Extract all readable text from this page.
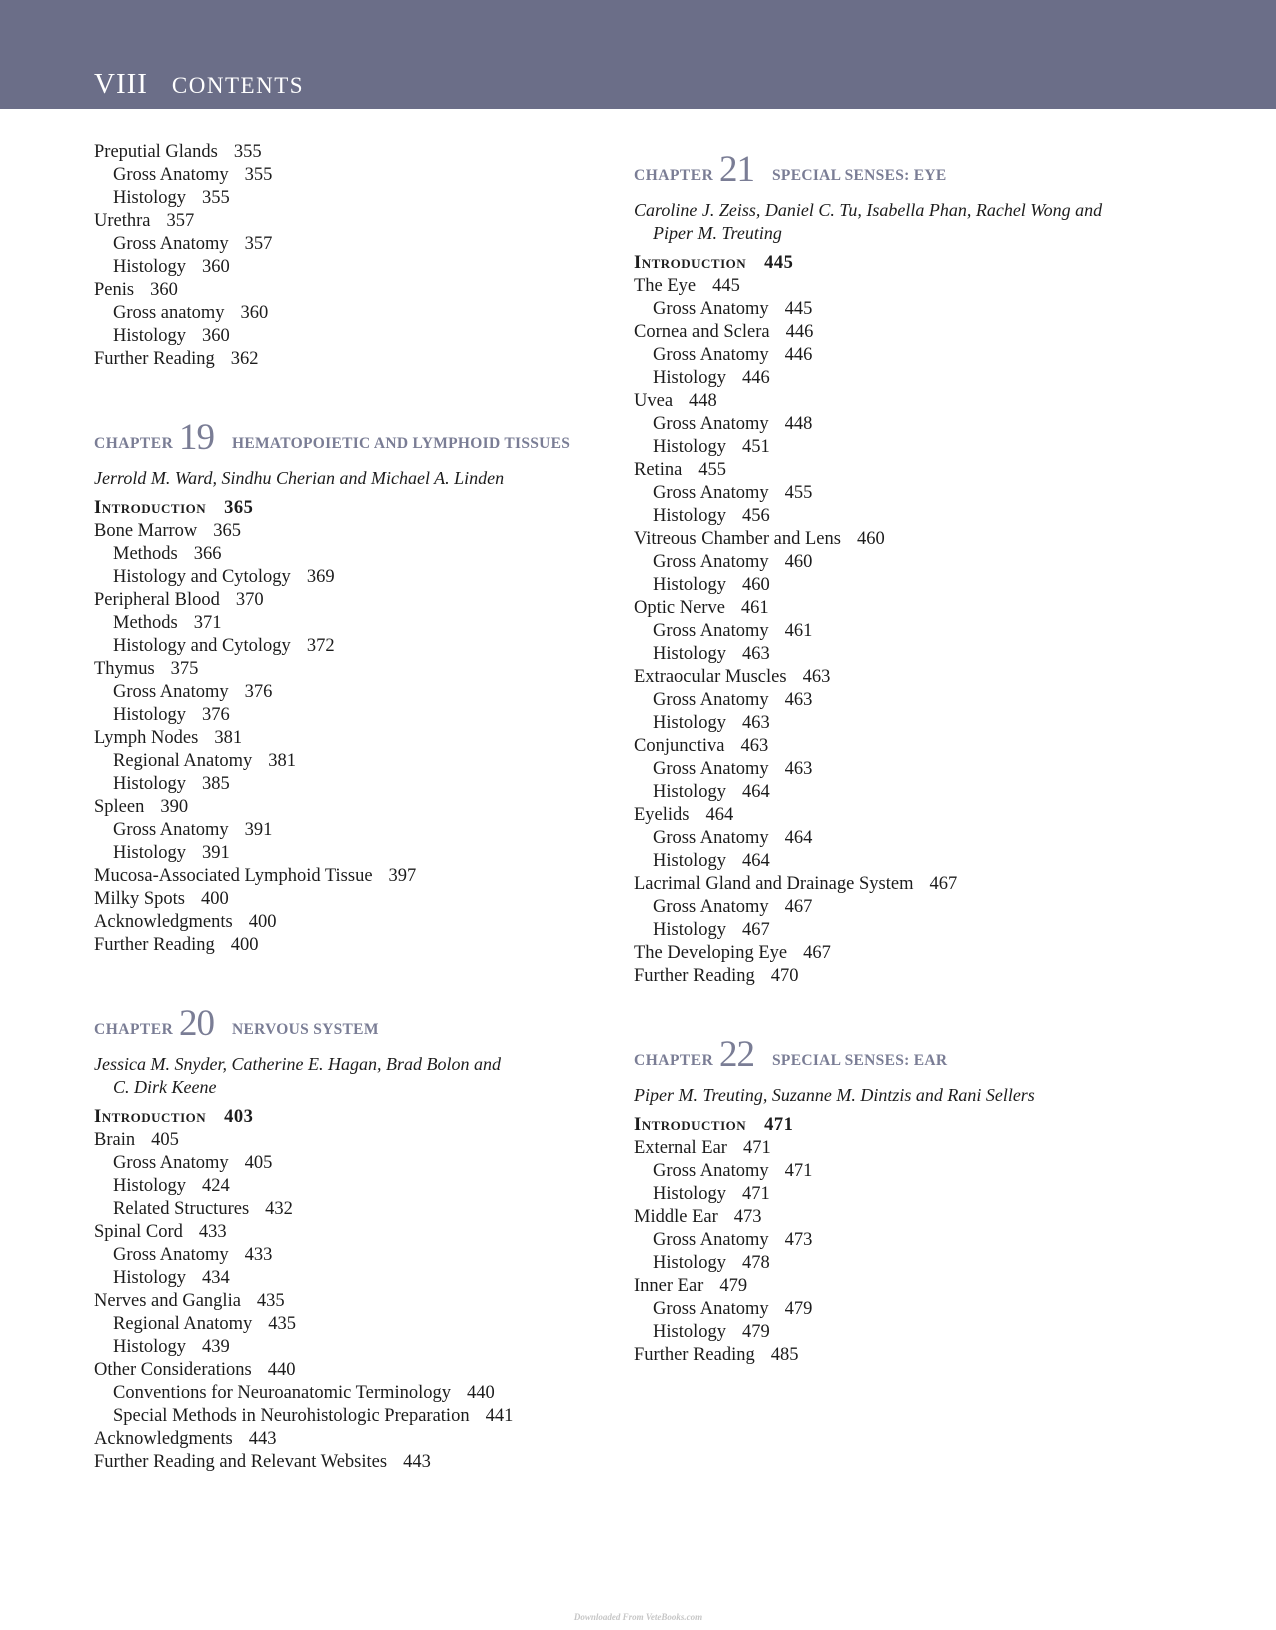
VIII CONTENTS
Preputial Glands 355
Gross Anatomy 355
Histology 355
Urethra 357
Gross Anatomy 357
Histology 360
Penis 360
Gross anatomy 360
Histology 360
Further Reading 362
CHAPTER 19 HEMATOPOIETIC AND LYMPHOID TISSUES
Jerrold M. Ward, Sindhu Cherian and Michael A. Linden
Introduction 365
Bone Marrow 365
Methods 366
Histology and Cytology 369
Peripheral Blood 370
Methods 371
Histology and Cytology 372
Thymus 375
Gross Anatomy 376
Histology 376
Lymph Nodes 381
Regional Anatomy 381
Histology 385
Spleen 390
Gross Anatomy 391
Histology 391
Mucosa-Associated Lymphoid Tissue 397
Milky Spots 400
Acknowledgments 400
Further Reading 400
CHAPTER 20 NERVOUS SYSTEM
Jessica M. Snyder, Catherine E. Hagan, Brad Bolon and
C. Dirk Keene
Introduction 403
Brain 405
Gross Anatomy 405
Histology 424
Related Structures 432
Spinal Cord 433
Gross Anatomy 433
Histology 434
Nerves and Ganglia 435
Regional Anatomy 435
Histology 439
Other Considerations 440
Conventions for Neuroanatomic Terminology 440
Special Methods in Neurohistologic Preparation 441
Acknowledgments 443
Further Reading and Relevant Websites 443
CHAPTER 21 SPECIAL SENSES: EYE
Caroline J. Zeiss, Daniel C. Tu, Isabella Phan, Rachel Wong and
Piper M. Treuting
Introduction 445
The Eye 445
Gross Anatomy 445
Cornea and Sclera 446
Gross Anatomy 446
Histology 446
Uvea 448
Gross Anatomy 448
Histology 451
Retina 455
Gross Anatomy 455
Histology 456
Vitreous Chamber and Lens 460
Gross Anatomy 460
Histology 460
Optic Nerve 461
Gross Anatomy 461
Histology 463
Extraocular Muscles 463
Gross Anatomy 463
Histology 463
Conjunctiva 463
Gross Anatomy 463
Histology 464
Eyelids 464
Gross Anatomy 464
Histology 464
Lacrimal Gland and Drainage System 467
Gross Anatomy 467
Histology 467
The Developing Eye 467
Further Reading 470
CHAPTER 22 SPECIAL SENSES: EAR
Piper M. Treuting, Suzanne M. Dintzis and Rani Sellers
Introduction 471
External Ear 471
Gross Anatomy 471
Histology 471
Middle Ear 473
Gross Anatomy 473
Histology 478
Inner Ear 479
Gross Anatomy 479
Histology 479
Further Reading 485
Downloaded From VeteBooks.com
